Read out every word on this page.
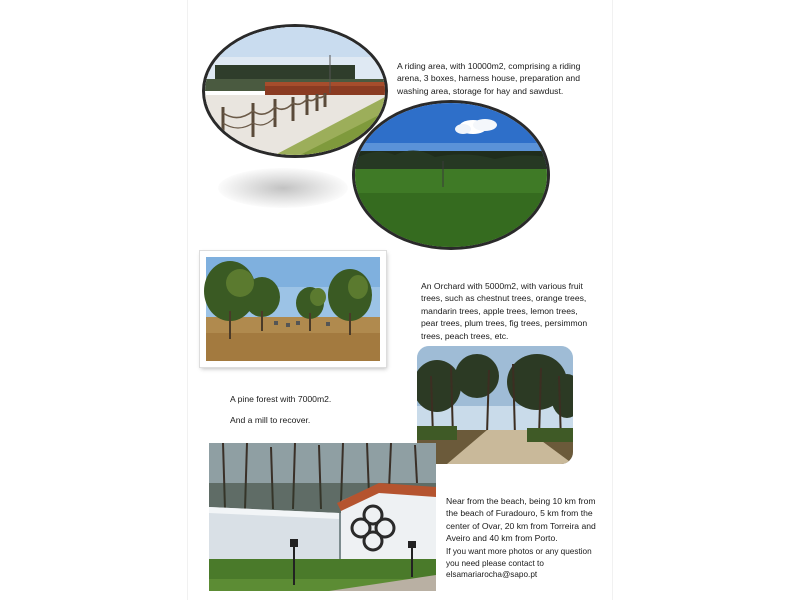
A riding area, with 10000m2, comprising a riding arena, 3 boxes, harness house, preparation and washing area, storage for hay and sawdust.
An Orchard with 5000m2, with various fruit trees, such as chestnut trees, orange trees, mandarin trees, apple trees, lemon trees, pear trees, plum trees, fig trees, persimmon trees, peach trees, etc.
A pine forest with 7000m2.
And a mill to recover.
Near from the beach, being 10 km from the beach of Furadouro, 5 km from the center of Ovar, 20 km from Torreira and Aveiro and 40 km from Porto.
If you want more photos or any question you need please contact to elsamariarocha@sapo.pt
